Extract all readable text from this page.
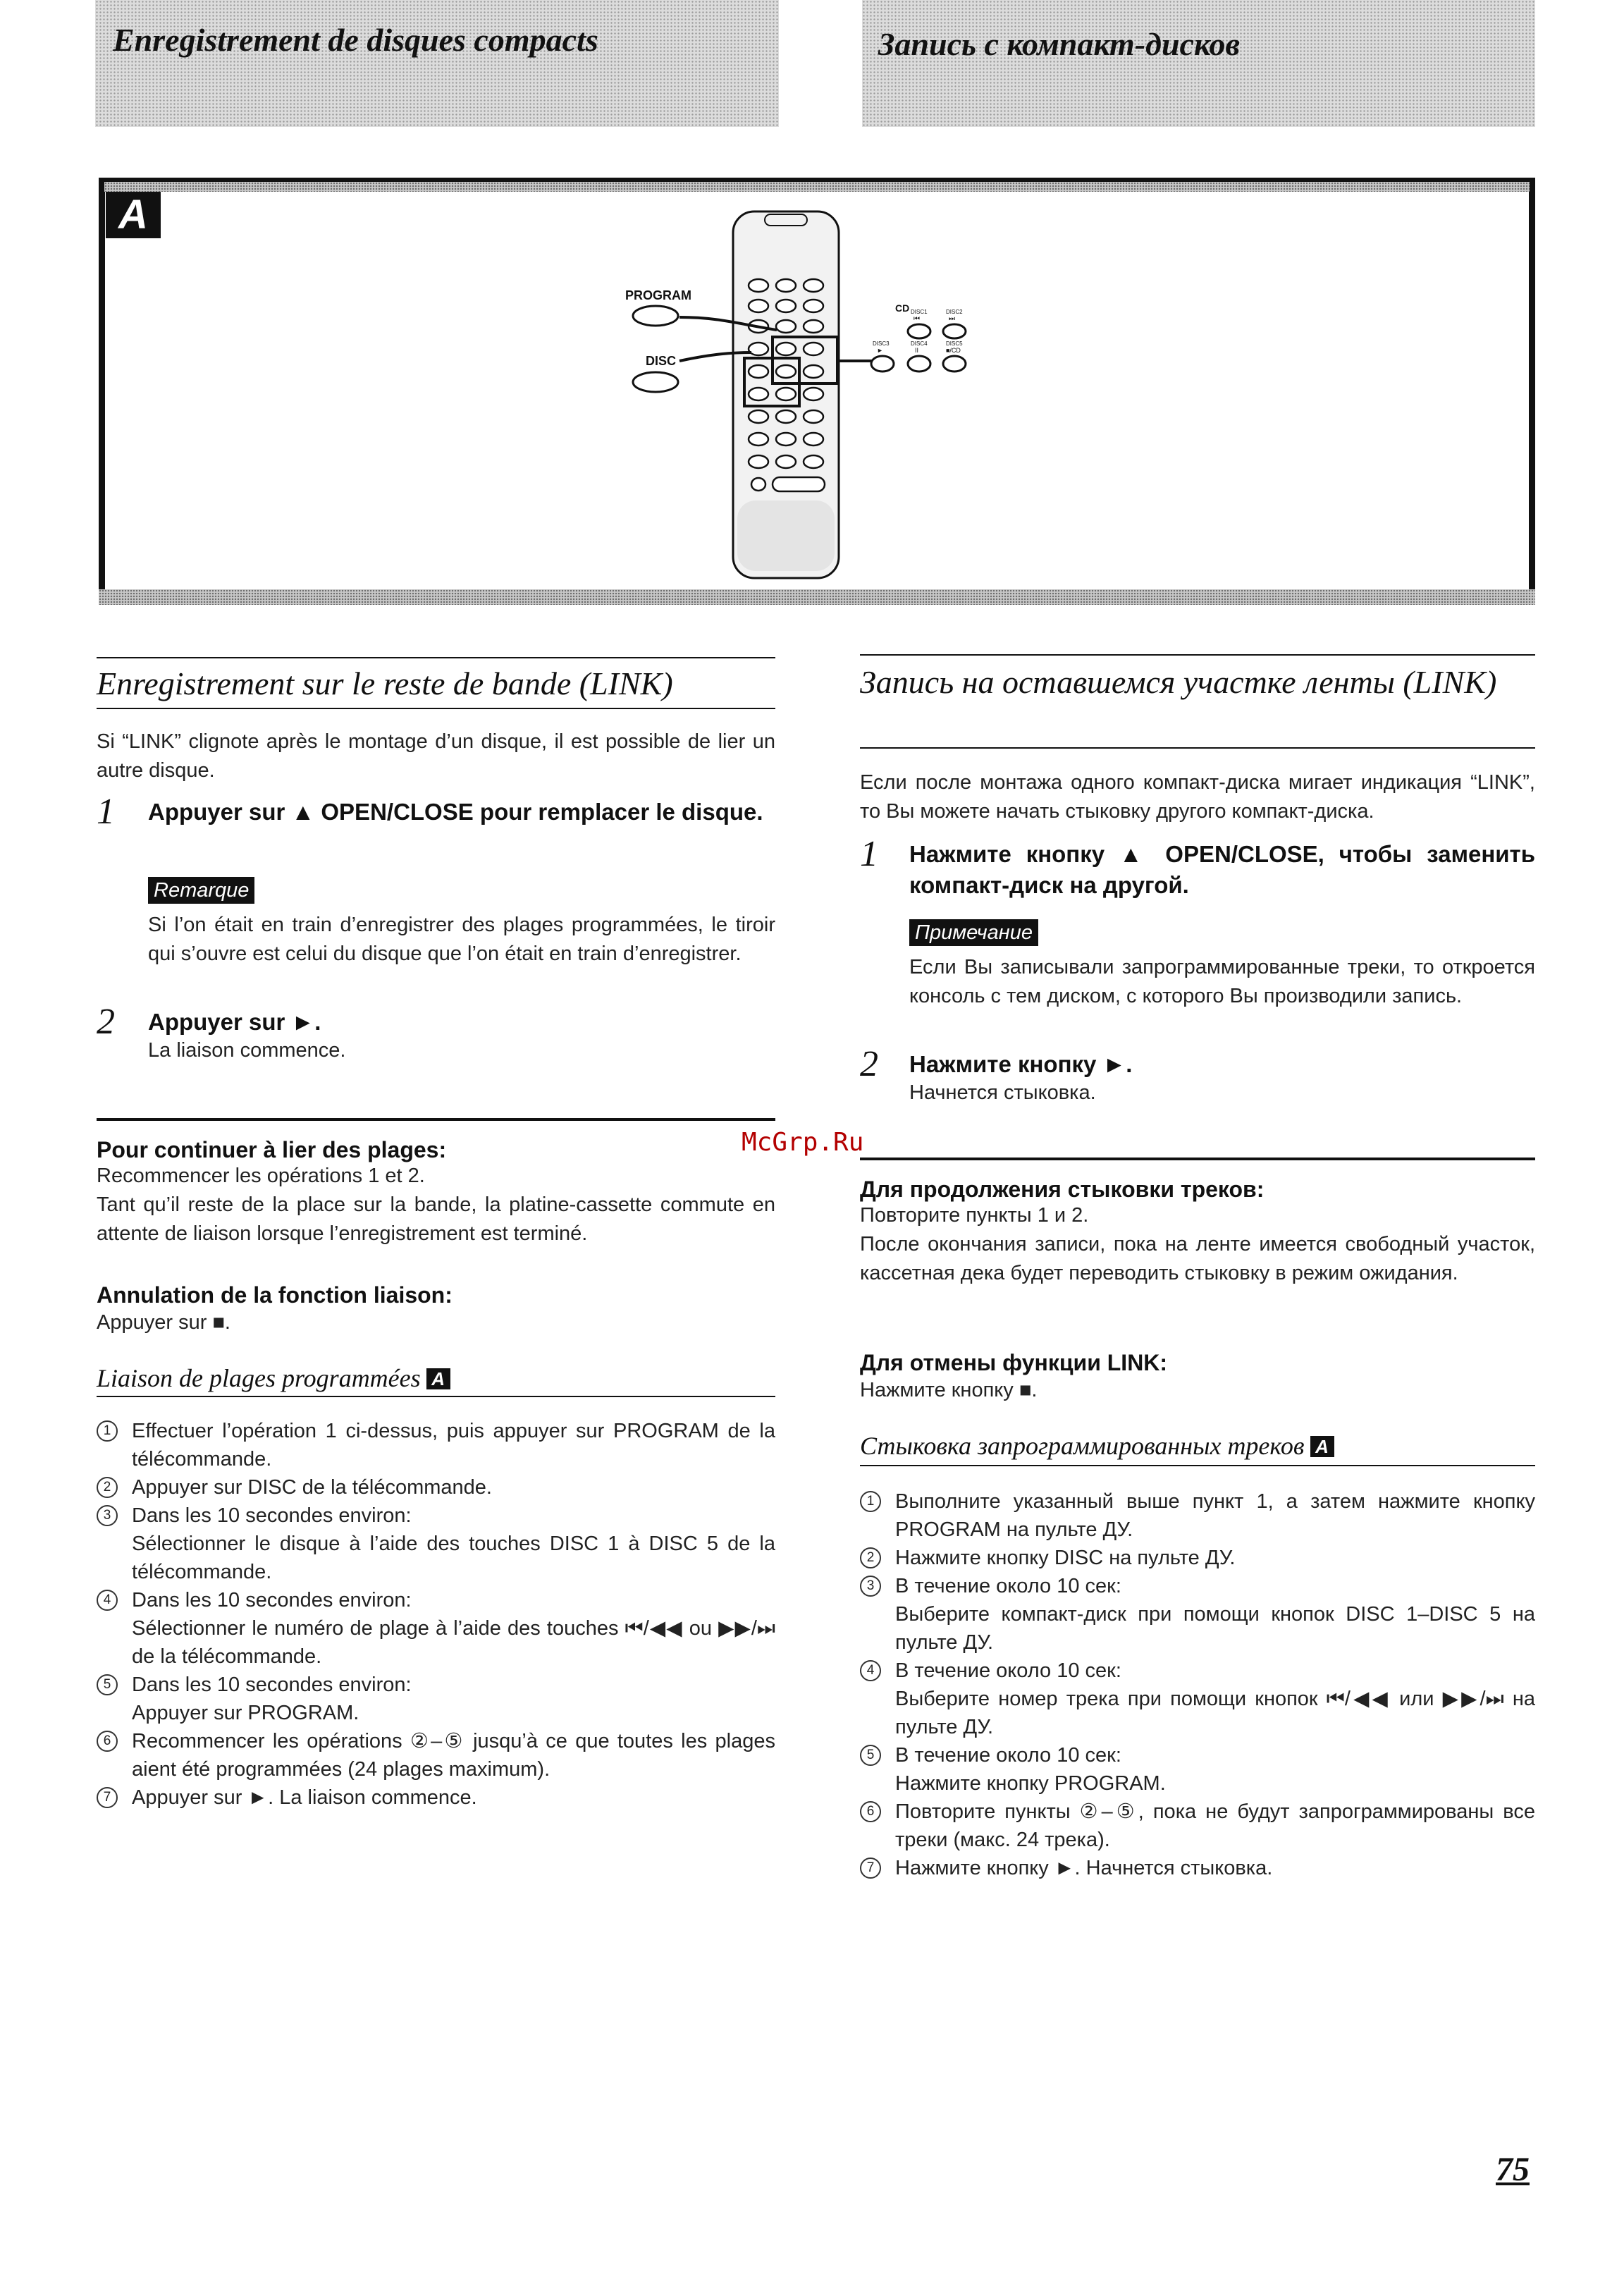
Enregistrement de disques compacts	Запись с компакт-дисков
A
PROGRAM
DISC
CD DISC1
⏮
DISC2
⏭
DISC3
►
DISC4
II
DISC5
■/CD
Enregistrement sur le reste de bande (LINK)
Si “LINK” clignote après le montage d’un disque, il est possible de lier un autre disque.
1 Appuyer sur ▲ OPEN/CLOSE pour remplacer le disque.
Remarque
Si l’on était en train d’enregistrer des plages programmées, le tiroir qui s’ouvre est celui du disque que l’on était en train d’enregistrer.
2 Appuyer sur ►.
La liaison commence.
Pour continuer à lier des plages:
Recommencer les opérations 1 et 2.
Tant qu’il reste de la place sur la bande, la platine-cassette commute en attente de liaison lorsque l’enregistrement est terminé.
Annulation de la fonction liaison:
Appuyer sur ■.
Liaison de plages programmées A
1	Effectuer l’opération 1 ci-dessus, puis appuyer sur PROGRAM de la télécommande.
2	Appuyer sur DISC de la télécommande.
3	Dans les 10 secondes environ:
Sélectionner le disque à l’aide des touches DISC 1 à DISC 5 de la télécommande.
4	Dans les 10 secondes environ:
Sélectionner le numéro de plage à l’aide des touches ⏮/◀◀ ou ▶▶/⏭ de la télécommande.
5	Dans les 10 secondes environ:
Appuyer sur PROGRAM.
6	Recommencer les opérations ②–⑤ jusqu’à ce que toutes les plages aient été programmées (24 plages maximum).
7	Appuyer sur ►. La liaison commence.
Запись на оставшемся участке ленты (LINK)
Если после монтажа одного компакт-диска мигает индикация “LINK”, то Вы можете начать стыковку другого компакт-диска.
1 Нажмите кнопку ▲ OPEN/CLOSE, чтобы заменить компакт-диск на другой.
Примечание
Если Вы записывали запрограммированные треки, то откроется консоль с тем диском, с которого Вы производили запись.
2 Нажмите кнопку ►.
Начнется стыковка.
Для продолжения стыковки треков:
Повторите пункты 1 и 2.
После окончания записи, пока на ленте имеется свободный участок, кассетная дека будет переводить стыковку в режим ожидания.
Для отмены функции LINK:
Нажмите кнопку ■.
Стыковка запрограммированных треков A
1	Выполните указанный выше пункт 1, а затем нажмите кнопку PROGRAM на пульте ДУ.
2	Нажмите кнопку DISC на пульте ДУ.
3	В течение около 10 сек:
Выберите компакт-диск при помощи кнопок DISC 1–DISC 5 на пульте ДУ.
4	В течение около 10 сек:
Выберите номер трека при помощи кнопок ⏮/◀◀ или ▶▶/⏭ на пульте ДУ.
5	В течение около 10 сек:
Нажмите кнопку PROGRAM.
6	Повторите пункты ②–⑤, пока не будут запрограммированы все треки (макс. 24 трека).
7	Нажмите кнопку ►. Начнется стыковка.
McGrp.Ru
75
